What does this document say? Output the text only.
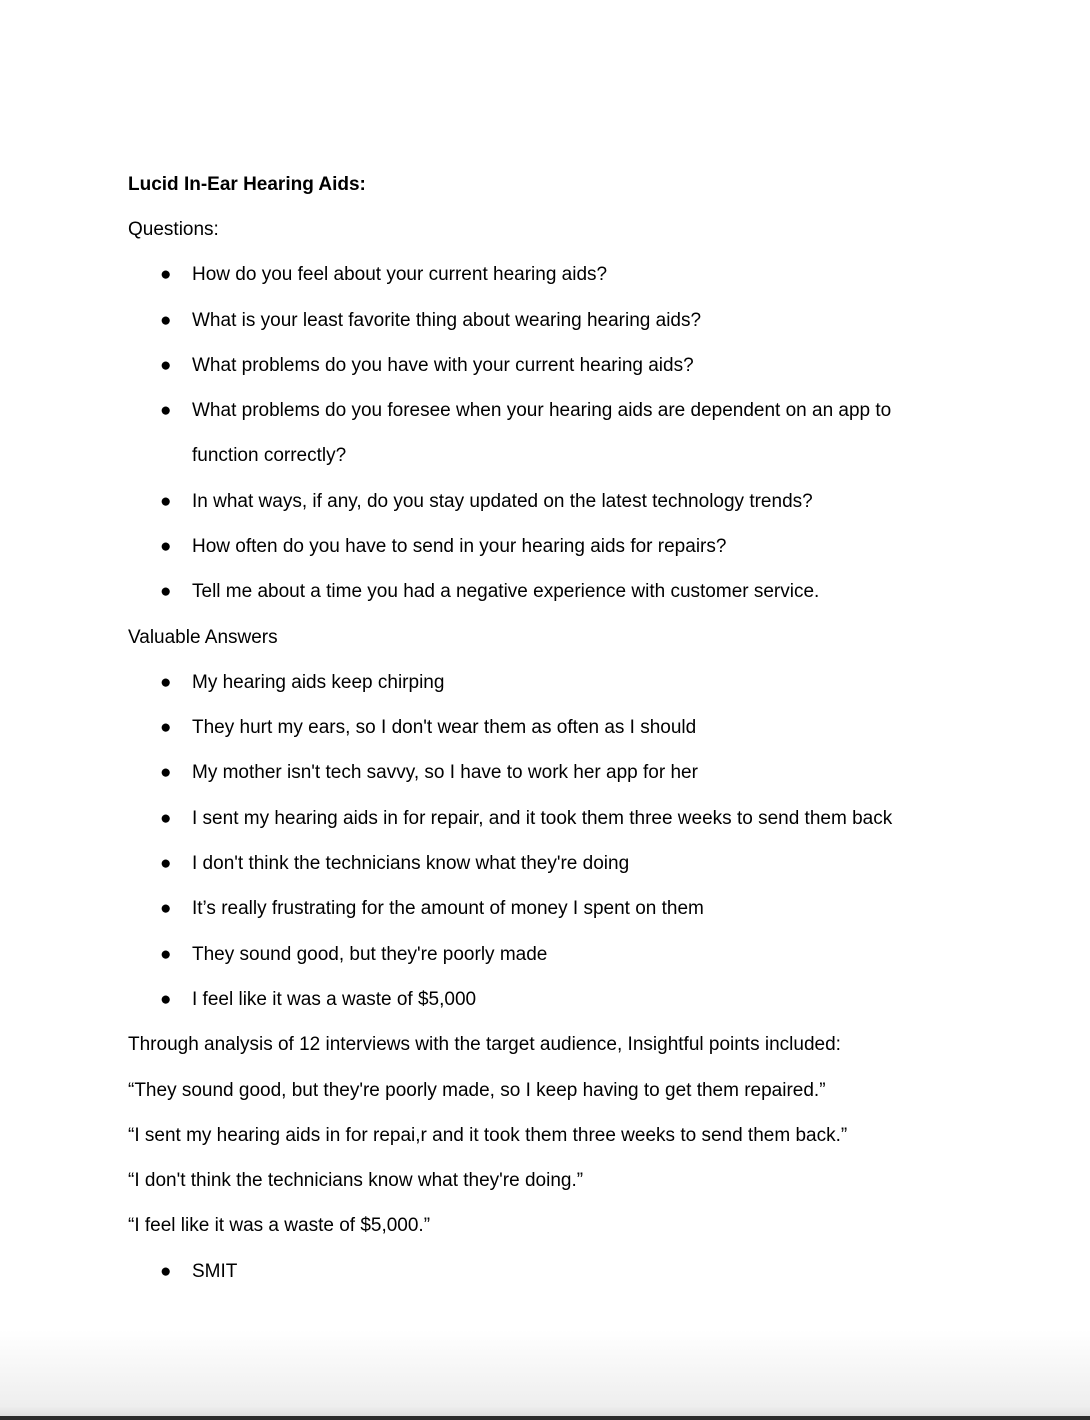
Lucid In-Ear Hearing Aids:
Questions:
● How do you feel about your current hearing aids?
● What is your least favorite thing about wearing hearing aids?
● What problems do you have with your current hearing aids?
● What problems do you foresee when your hearing aids are dependent on an app to
function correctly?
● In what ways, if any, do you stay updated on the latest technology trends?
● How often do you have to send in your hearing aids for repairs?
● Tell me about a time you had a negative experience with customer service.
Valuable Answers
● My hearing aids keep chirping
● They hurt my ears, so I don't wear them as often as I should
● My mother isn't tech savvy, so I have to work her app for her
● I sent my hearing aids in for repair, and it took them three weeks to send them back
● I don't think the technicians know what they're doing
● It’s really frustrating for the amount of money I spent on them
● They sound good, but they're poorly made
● I feel like it was a waste of $5,000
Through analysis of 12 interviews with the target audience, Insightful points included:
“They sound good, but they're poorly made, so I keep having to get them repaired.”
“I sent my hearing aids in for repai,r and it took them three weeks to send them back.”
“I don't think the technicians know what they're doing.”
“I feel like it was a waste of $5,000.”
● SMIT
